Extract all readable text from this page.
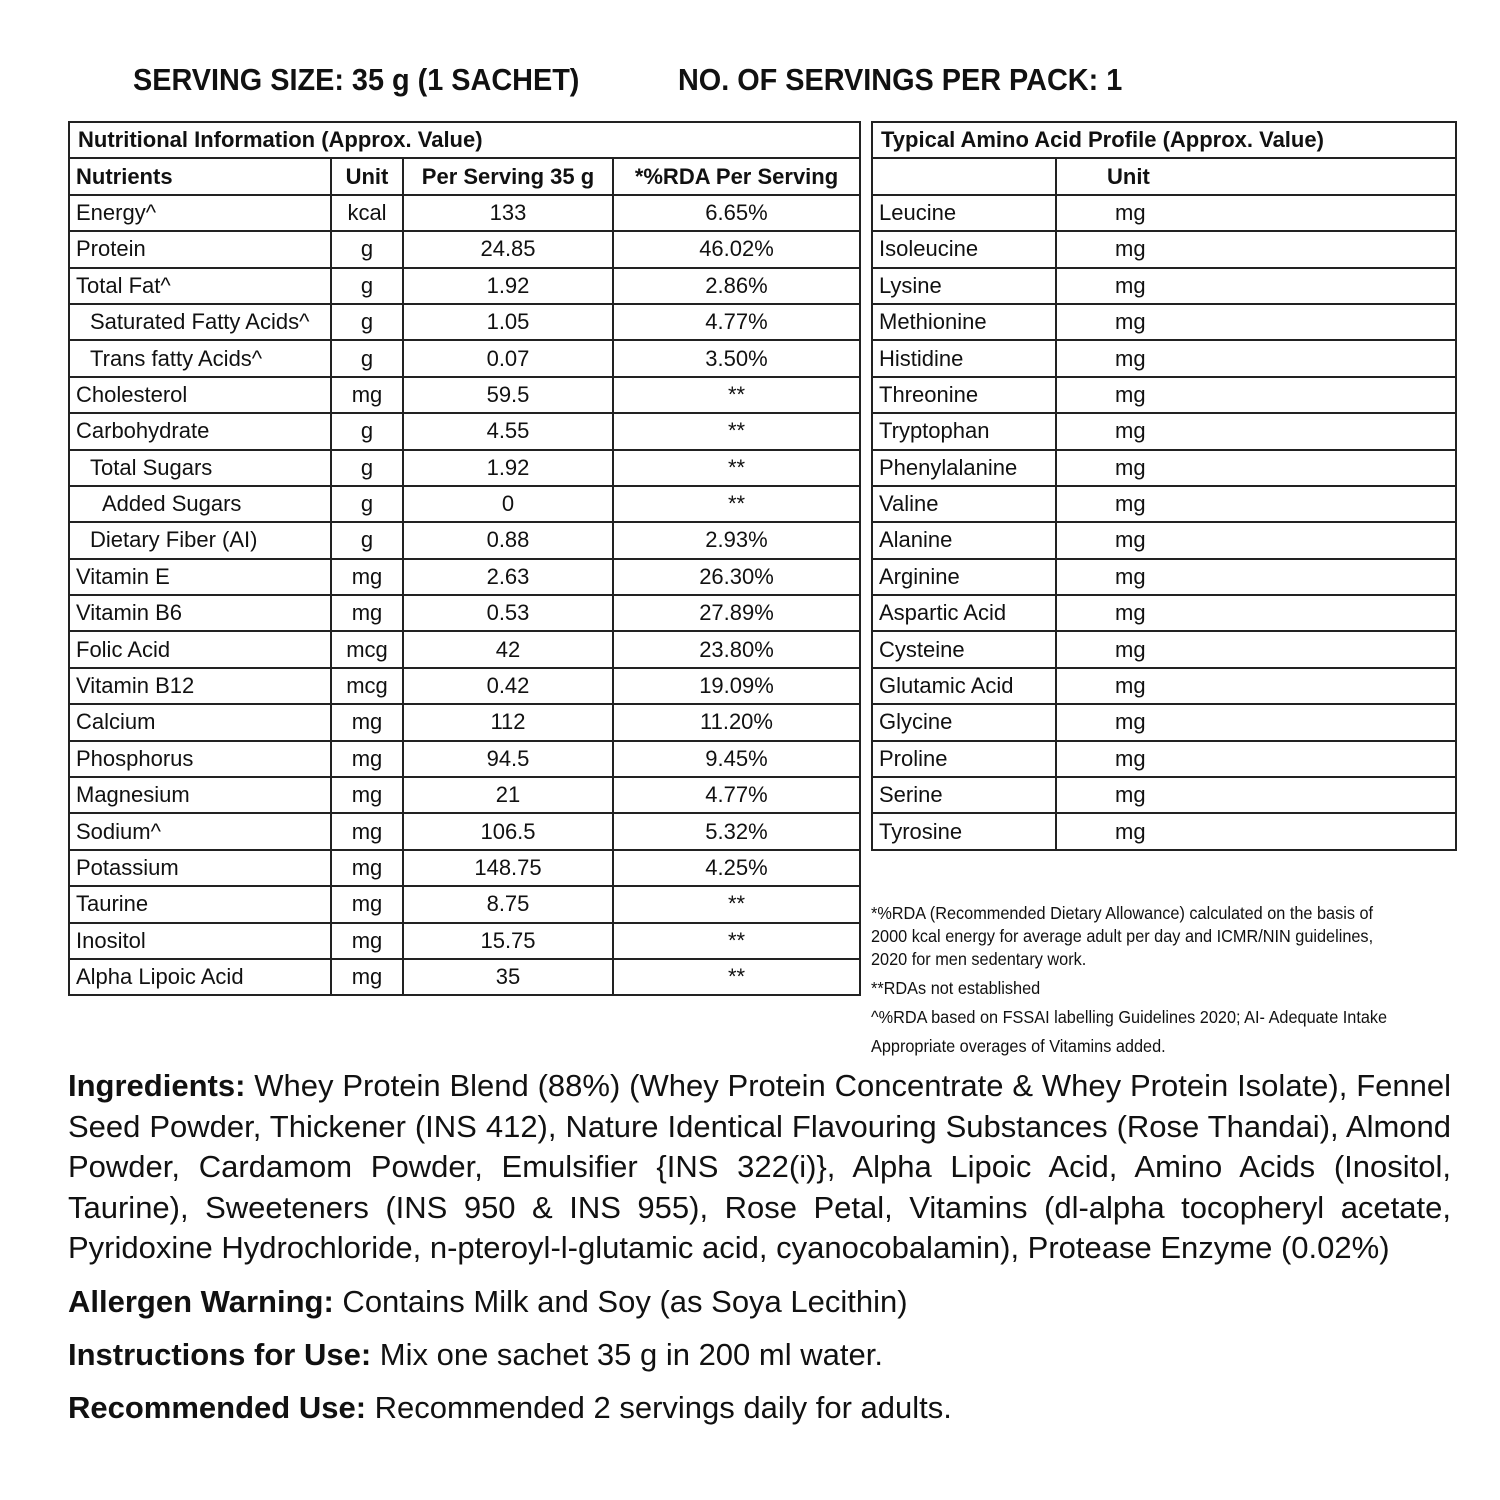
SERVING SIZE: 35 g (1 SACHET)	NO. OF SERVINGS PER PACK: 1
Nutritional Information (Approx. Value)			
Nutrients	Unit	Per Serving 35 g	*%RDA Per Serving
Energy^	kcal	133	6.65%
Protein	g	24.85	46.02%
Total Fat^	g	1.92	2.86%
Saturated Fatty Acids^	g	1.05	4.77%
Trans fatty Acids^	g	0.07	3.50%
Cholesterol	mg	59.5	**
Carbohydrate	g	4.55	**
Total Sugars	g	1.92	**
Added Sugars	g	0	**
Dietary Fiber (AI)	g	0.88	2.93%
Vitamin E	mg	2.63	26.30%
Vitamin B6	mg	0.53	27.89%
Folic Acid	mcg	42	23.80%
Vitamin B12	mcg	0.42	19.09%
Calcium	mg	112	11.20%
Phosphorus	mg	94.5	9.45%
Magnesium	mg	21	4.77%
Sodium^	mg	106.5	5.32%
Potassium	mg	148.75	4.25%
Taurine	mg	8.75	**
Inositol	mg	15.75	**
Alpha Lipoic Acid	mg	35	**
Typical Amino Acid Profile (Approx. Value)	
	Unit
Leucine	mg
Isoleucine	mg
Lysine	mg
Methionine	mg
Histidine	mg
Threonine	mg
Tryptophan	mg
Phenylalanine	mg
Valine	mg
Alanine	mg
Arginine	mg
Aspartic Acid	mg
Cysteine	mg
Glutamic Acid	mg
Glycine	mg
Proline	mg
Serine	mg
Tyrosine	mg
*%RDA (Recommended Dietary Allowance) calculated on the basis of
2000 kcal energy for average adult per day and ICMR/NIN guidelines,
2020 for men sedentary work.
**RDAs not established
^%RDA based on FSSAI labelling Guidelines 2020; AI- Adequate Intake
Appropriate overages of Vitamins added.
Ingredients: Whey Protein Blend (88%) (Whey Protein Concentrate & Whey Protein Isolate), Fennel Seed Powder, Thickener (INS 412), Nature Identical Flavouring Substances (Rose Thandai), Almond Powder, Cardamom Powder, Emulsifier {INS 322(i)}, Alpha Lipoic Acid, Amino Acids (Inositol, Taurine), Sweeteners (INS 950 & INS 955), Rose Petal, Vitamins (dl-alpha tocopheryl acetate, Pyridoxine Hydrochloride, n-pteroyl-l-glutamic acid, cyanocobalamin), Protease Enzyme (0.02%)
Allergen Warning: Contains Milk and Soy (as Soya Lecithin)
Instructions for Use: Mix one sachet 35 g in 200 ml water.
Recommended Use: Recommended 2 servings daily for adults.
